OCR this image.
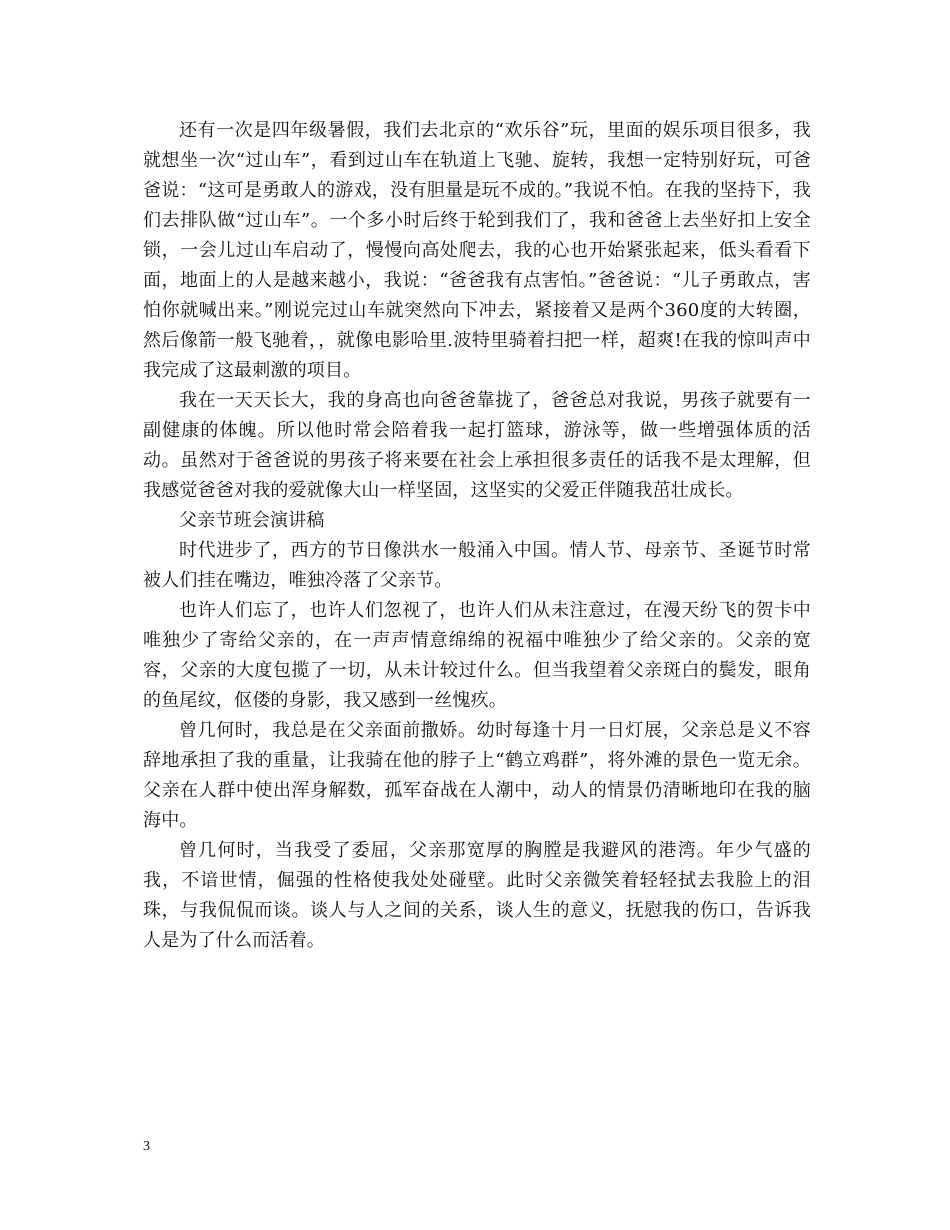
还有一次是四年级暑假，我们去北京的“欢乐谷”玩，里面的娱乐项目很多，我就想坐一次“过山车”，看到过山车在轨道上飞驰、旋转，我想一定特别好玩，可爸爸说：“这可是勇敢人的游戏，没有胆量是玩不成的。”我说不怕。在我的坚持下，我们去排队做“过山车”。一个多小时后终于轮到我们了，我和爸爸上去坐好扣上安全锁，一会儿过山车启动了，慢慢向高处爬去，我的心也开始紧张起来，低头看看下面，地面上的人是越来越小，我说：“爸爸我有点害怕。”爸爸说：“儿子勇敢点，害怕你就喊出来。”刚说完过山车就突然向下冲去，紧接着又是两个360度的大转圈，然后像箭一般飞驰着，，就像电影哈里.波特里骑着扫把一样，超爽!在我的惊叫声中我完成了这最刺激的项目。

我在一天天长大，我的身高也向爸爸靠拢了，爸爸总对我说，男孩子就要有一副健康的体魄。所以他时常会陪着我一起打篮球，游泳等，做一些增强体质的活动。虽然对于爸爸说的男孩子将来要在社会上承担很多责任的话我不是太理解，但我感觉爸爸对我的爱就像大山一样坚固，这坚实的父爱正伴随我茁壮成长。

父亲节班会演讲稿

时代进步了，西方的节日像洪水一般涌入中国。情人节、母亲节、圣诞节时常被人们挂在嘴边，唯独冷落了父亲节。

也许人们忘了，也许人们忽视了，也许人们从未注意过，在漫天纷飞的贺卡中唯独少了寄给父亲的，在一声声情意绵绵的祝福中唯独少了给父亲的。父亲的宽容，父亲的大度包揽了一切，从未计较过什么。但当我望着父亲斑白的鬓发，眼角的鱼尾纹，伛偻的身影，我又感到一丝愧疚。

曾几何时，我总是在父亲面前撒娇。幼时每逢十月一日灯展，父亲总是义不容辞地承担了我的重量，让我骑在他的脖子上“鹤立鸡群”，将外滩的景色一览无余。父亲在人群中使出浑身解数，孤军奋战在人潮中，动人的情景仍清晰地印在我的脑海中。

曾几何时，当我受了委屈，父亲那宽厚的胸膛是我避风的港湾。年少气盛的我，不谙世情，倔强的性格使我处处碰壁。此时父亲微笑着轻轻拭去我脸上的泪珠，与我侃侃而谈。谈人与人之间的关系，谈人生的意义，抚慰我的伤口，告诉我人是为了什么而活着。

3
